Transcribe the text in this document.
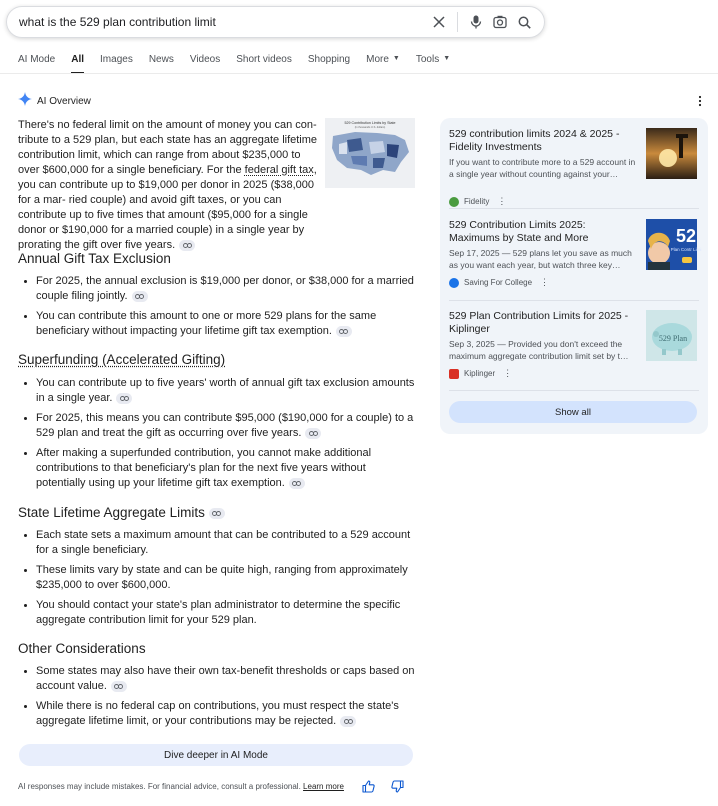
what is the 529 plan contribution limit
AI Mode All Images News Videos Short videos Shopping More ▼ Tools ▼
AI Overview

There's no federal limit on the amount of money you can con- tribute to a 529 plan, but each state has an aggregate lifetime contribution limit, which can range from about $235,000 to over $600,000 for a single beneficiary. For the federal gift tax, you can contribute up to $19,000 per donor in 2025 ($38,000 for a mar- ried couple) and avoid gift taxes, or you can contribute up to five times that amount ($95,000 for a single donor or $190,000 for a married couple) in a single year by prorating the gift over five years.

529 Contribution Limits by State
(in thousands U.S. dollars)
Annual Gift Tax Exclusion
For 2025, the annual exclusion is $19,000 per donor, or $38,000 for a married couple filing jointly.
You can contribute this amount to one or more 529 plans for the same beneficiary without impacting your lifetime gift tax exemption.
Superfunding (Accelerated Gifting)
You can contribute up to five years' worth of annual gift tax exclusion amounts in a single year.
For 2025, this means you can contribute $95,000 ($190,000 for a couple) to a 529 plan and treat the gift as occurring over five years.
After making a superfunded contribution, you cannot make additional contributions to that beneficiary's plan for the next five years without potentially using up your lifetime gift tax exemption.
State Lifetime Aggregate Limits
Each state sets a maximum amount that can be contributed to a 529 account for a single beneficiary.
These limits vary by state and can be quite high, ranging from approximately $235,000 to over $600,000.
You should contact your state's plan administrator to determine the specific aggregate contribution limit for your 529 plan.
Other Considerations
Some states may also have their own tax-benefit thresholds or caps based on account value.
While there is no federal cap on contributions, you must respect the state's aggregate lifetime limit, or your contributions may be rejected.
Dive deeper in AI Mode
AI responses may include mistakes. For financial advice, consult a professional. Learn more
529 contribution limits 2024 & 2025 - Fidelity Investments
If you want to contribute more to a 529 account in a single year without counting against your…
Fidelity ⋮
529 Contribution Limits 2025: Maximums by State and More
Sep 17, 2025 — 529 plans let you save as much as you want each year, but watch three key…
Saving For College ⋮
52
Plan Contr Limi
529 Plan Contribution Limits for 2025 - Kiplinger
Sep 3, 2025 — Provided you don't exceed the maximum aggregate contribution limit set by t…
Kiplinger ⋮
529 Plan
Show all
